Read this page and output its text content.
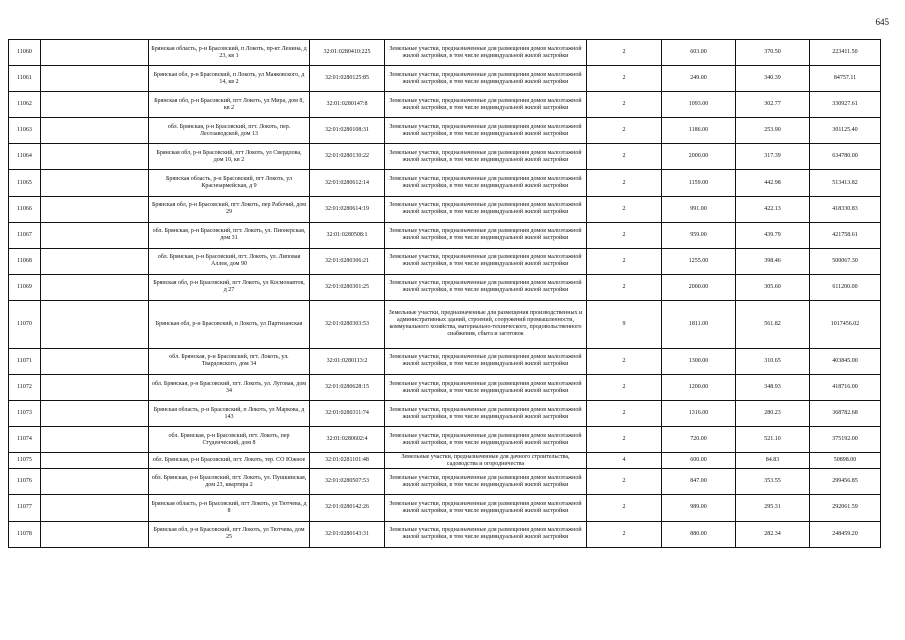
645
11060		Брянская область, р-н Брасовский, п Локоть, пр-кт Ленина, д 23, кв 1	32:01:0280410:225	Земельные участки, предназначенные для размещения домов малоэтажной жилой застройки, в том числе индивидуальной жилой застройки	2	603.00	370.50	223411.50
11061		Брянская обл, р-н Брасовский, п Локоть, ул Маяковского, д 14, кв 2	32:01:0280125:85	Земельные участки, предназначенные для размещения домов малоэтажной жилой застройки, в том числе индивидуальной жилой застройки	2	249.00	340.39	84757.11
11062		Брянская обл, р-н Брасовский, пгт Локоть, ул Мира, дом 8, кв 2	32:01:0280147:8	Земельные участки, предназначенные для размещения домов малоэтажной жилой застройки, в том числе индивидуальной жилой застройки	2	1093.00	302.77	330927.61
11063		обл. Брянская, р-н Брасовский, пгт. Локоть, пер. Лесозаводской, дом 13	32:01:0280108:31	Земельные участки, предназначенные для размещения домов малоэтажной жилой застройки, в том числе индивидуальной жилой застройки	2	1186.00	253.90	301125.40
11064		Брянская обл, р-н Брасовский, пгт Локоть, ул Свердлова, дом 10, кв 2	32:01:0280130:22	Земельные участки, предназначенные для размещения домов малоэтажной жилой застройки, в том числе индивидуальной жилой застройки	2	2000.00	317.39	634780.00
11065		Брянская область, р-н Брасовский, пгт Локоть, ул Красноармейская, д 9	32:01:0280612:14	Земельные участки, предназначенные для размещения домов малоэтажной жилой застройки, в том числе индивидуальной жилой застройки	2	1159.00	442.98	513413.82
11066		Брянская обл, р-н Брасовский, пгт Локоть, пер Рабочий, дом 29	32:01:0280614:19	Земельные участки, предназначенные для размещения домов малоэтажной жилой застройки, в том числе индивидуальной жилой застройки	2	991.00	422.13	418330.83
11067		обл. Брянская, р-н Брасовский, пгт. Локоть, ул. Пионерская, дом 31	32:01:0280508:1	Земельные участки, предназначенные для размещения домов малоэтажной жилой застройки, в том числе индивидуальной жилой застройки	2	959.00	439.79	421758.61
11068		обл. Брянская, р-н Брасовский, пгт. Локоть, ул. Липовая Аллея, дом 90	32:01:0280306:21	Земельные участки, предназначенные для размещения домов малоэтажной жилой застройки, в том числе индивидуальной жилой застройки	2	1255.00	398.46	500067.30
11069		Брянская обл, р-н Брасовский, пгт Локоть, ул Космонавтов, д 27	32:01:0280301:25	Земельные участки, предназначенные для размещения домов малоэтажной жилой застройки, в том числе индивидуальной жилой застройки	2	2000.00	305.60	611200.00
11070		Брянская обл, р-н Брасовский, п Локоть, ул Партизанская	32:01:0280303:53	Земельные участки, предназначенные для размещения производственных и административных зданий, строений, сооружений промышленности, коммунального хозяйства, материально-технического, продовольственного снабжения, сбыта и заготовок	9	1811.00	561.82	1017456.02
11071		обл. Брянская, р-н Брасовский, пгт. Локоть, ул. Твардовского, дом 34	32:01:0280113:2	Земельные участки, предназначенные для размещения домов малоэтажной жилой застройки, в том числе индивидуальной жилой застройки	2	1300.00	310.65	403845.00
11072		обл. Брянская, р-н Брасовский, пгт. Локоть, ул. Луговая, дом 34	32:01:0280628:15	Земельные участки, предназначенные для размещения домов малоэтажной жилой застройки, в том числе индивидуальной жилой застройки	2	1200.00	348.93	418716.00
11073		Брянская область, р-н Брасовский, п Локоть, ул Маркова, д 143	32:01:0280311:74	Земельные участки, предназначенные для размещения домов малоэтажной жилой застройки, в том числе индивидуальной жилой застройки	2	1316.00	280.23	368782.68
11074		обл. Брянская, р-н Брасовский, пгт. Локоть, пер Студенческий, дом 8	32:01:0280602:4	Земельные участки, предназначенные для размещения домов малоэтажной жилой застройки, в том числе индивидуальной жилой застройки	2	720.00	521.10	375192.00
11075		обл. Брянская, р-н Брасовский, пгт. Локоть, тер. СО Южное	32:01:0281101:48	Земельные участки, предназначенные для дачного строительства, садоводства и огородничества	4	600.00	84.83	50898.00
11076		обл. Брянская, р-н Брасовский, пгт. Локоть, ул. Пушкинская, дом 23, квартира 2	32:01:0280507:53	Земельные участки, предназначенные для размещения домов малоэтажной жилой застройки, в том числе индивидуальной жилой застройки	2	847.00	353.55	299456.85
11077		Брянская область, р-н Брасовский, пгт Локоть, ул Тютчева, д 8	32:01:0280142:26	Земельные участки, предназначенные для размещения домов малоэтажной жилой застройки, в том числе индивидуальной жилой застройки	2	989.00	295.31	292061.59
11078		Брянская обл, р-н Брасовский, пгт Локоть, ул Тютчева, дом 25	32:01:0280143:31	Земельные участки, предназначенные для размещения домов малоэтажной жилой застройки, в том числе индивидуальной жилой застройки	2	880.00	282.34	248459.20
